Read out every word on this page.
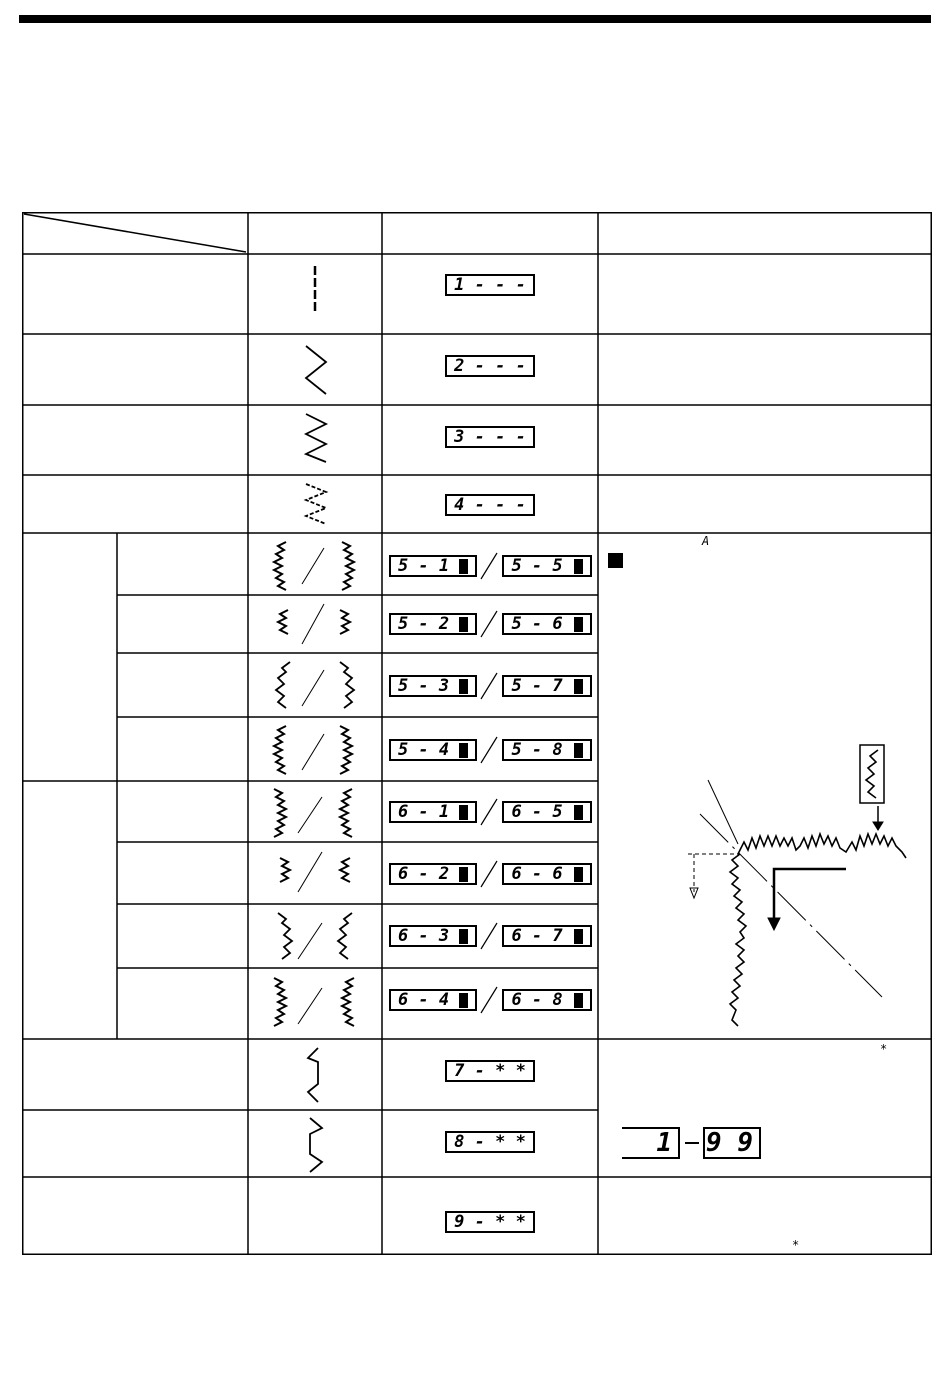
1 - - -
2 - - -
3 - - -
4 - - -
5 - 1	5 - 5
5 - 2	5 - 6
5 - 3	5 - 7
5 - 4	5 - 8
6 - 1	6 - 5
6 - 2	6 - 6
6 - 3	6 - 7
6 - 4	6 - 8
A
7 - * *
8 - * *
9 - * *
*
1 9 9
*
